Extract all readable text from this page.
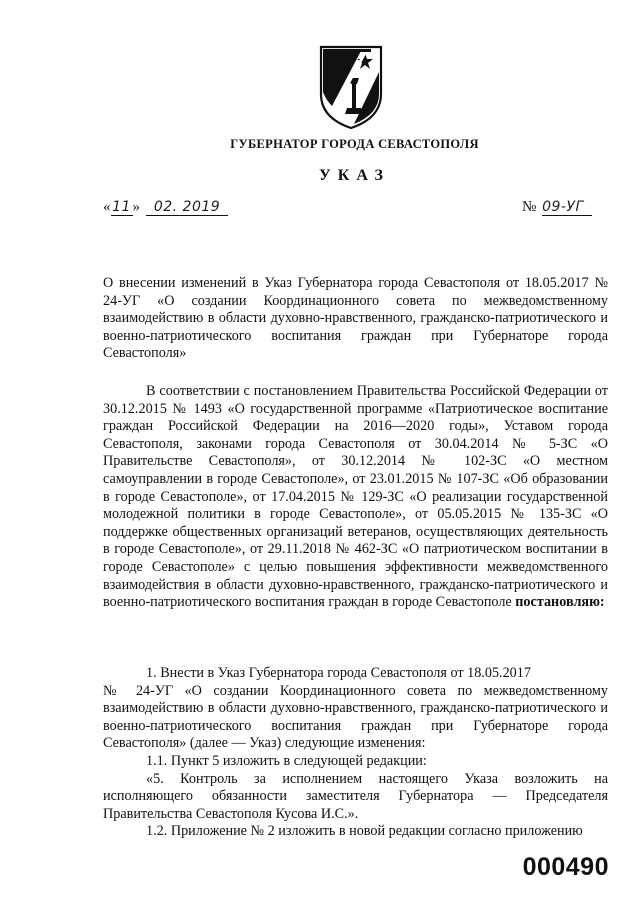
ГУБЕРНАТОР ГОРОДА СЕВАСТОПОЛЯ
УКАЗ
« 11 » 02. 2019	№ 09-УГ

О внесении изменений в Указ Губернатора города Севастополя от 18.05.2017 № 24-УГ «О создании Координационного совета по межведомственному взаимодействию в области духовно-нравственного, гражданско-патриотического и военно-патриотического воспитания граждан при Губернаторе города Севастополя»

В соответствии с постановлением Правительства Российской Федерации от 30.12.2015 № 1493 «О государственной программе «Патриотическое воспитание граждан Российской Федерации на 2016—2020 годы», Уставом города Севастополя, законами города Севастополя от 30.04.2014 № 5-ЗС «О Правительстве Севастополя», от 30.12.2014 № 102-ЗС «О местном самоуправлении в городе Севастополе», от 23.01.2015 № 107-ЗС «Об образовании в городе Севастополе», от 17.04.2015 № 129-ЗС «О реализации государственной молодежной политики в городе Севастополе», от 05.05.2015 № 135-ЗС «О поддержке общественных организаций ветеранов, осуществляющих деятельность в городе Севастополе», от 29.11.2018 № 462-ЗС «О патриотическом воспитании в городе Севастополе» с целью повышения эффективности межведомственного взаимодействия в области духовно-нравственного, гражданско-патриотического и военно-патриотического воспитания граждан в городе Севастополе постановляю:

1. Внести в Указ Губернатора города Севастополя от 18.05.2017

№ 24-УГ «О создании Координационного совета по межведомственному взаимодействию в области духовно-нравственного, гражданско-патриотического и военно-патриотического воспитания граждан при Губернаторе города Севастополя» (далее — Указ) следующие изменения:

1.1. Пункт 5 изложить в следующей редакции:

«5. Контроль за исполнением настоящего Указа возложить на исполняющего обязанности заместителя Губернатора — Председателя Правительства Севастополя Кусова И.С.».

1.2. Приложение № 2 изложить в новой редакции согласно приложению

000490
